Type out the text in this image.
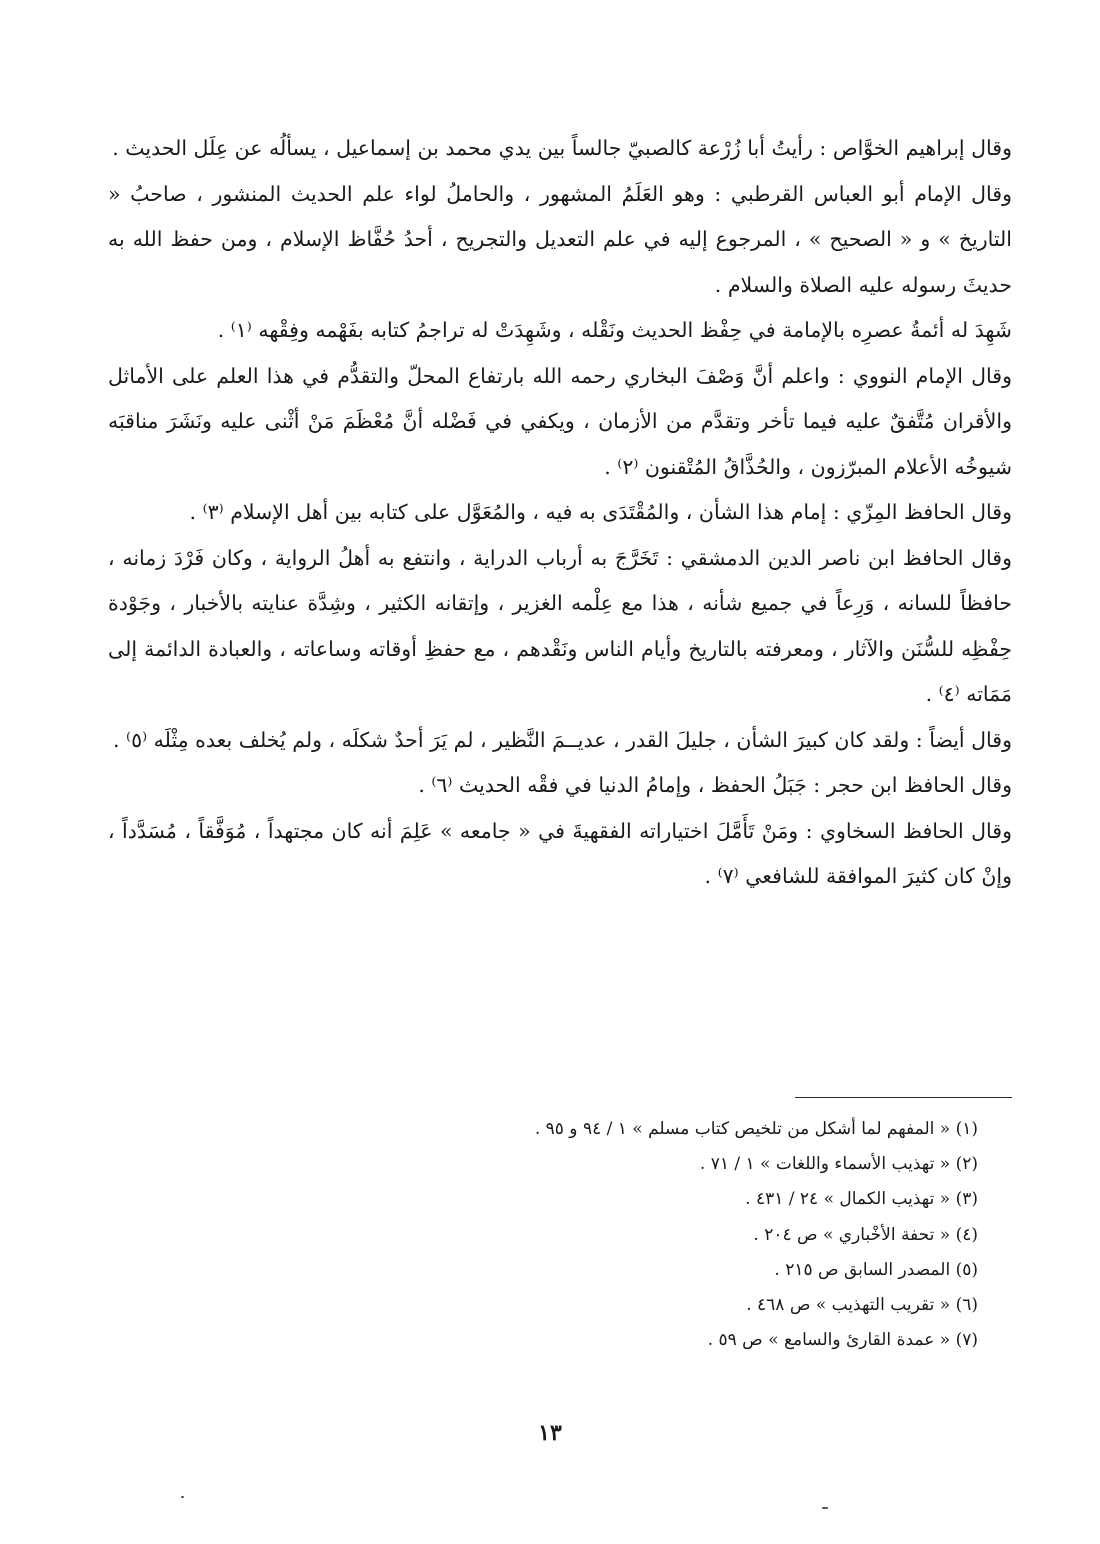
وقال إبراهيم الخوَّاص : رأيتُ أبا زُرْعة كالصبيّ جالساً بين يدي محمد بن إسماعيل ، يسألُه عن عِلَل الحديث .

وقال الإمام أبو العباس القرطبي : وهو العَلَمُ المشهور ، والحاملُ لواء علم الحديث المنشور ، صاحبُ « التاريخ » و « الصحيح » ، المرجوع إليه في علم التعديل والتجريح ، أحدُ حُفَّاظ الإسلام ، ومن حفظ الله به حديثَ رسوله عليه الصلاة والسلام .

شَهِدَ له أئمةُ عصرِه بالإمامة في حِفْظ الحديث ونَقْله ، وشَهِدَتْ له تراجمُ كتابه بفَهْمه وفِقْهه ⁽١⁾ .

وقال الإمام النووي : واعلم أنَّ وَصْفَ البخاري رحمه الله بارتفاع المحلّ والتقدُّم في هذا العلم على الأماثل والأقران مُتَّفقٌ عليه فيما تأخر وتقدَّم من الأزمان ، ويكفي في فَضْله أنَّ مُعْظَمَ مَنْ أثْنى عليه ونَشَرَ مناقبَه شيوخُه الأعلام المبرّزون ، والحُذَّاقُ المُتْقنون ⁽٢⁾ .

وقال الحافظ المِزّي : إمام هذا الشأن ، والمُقْتَدَى به فيه ، والمُعَوَّل على كتابه بين أهل الإسلام ⁽٣⁾ .

وقال الحافظ ابن ناصر الدين الدمشقي : تَخَرَّجَ به أرباب الدراية ، وانتفع به أهلُ الرواية ، وكان فَرْدَ زمانه ، حافظاً للسانه ، وَرِعاً في جميع شأنه ، هذا مع عِلْمه الغزير ، وإتقانه الكثير ، وشِدَّة عنايته بالأخبار ، وجَوْدة حِفْظِه للسُّنَن والآثار ، ومعرفته بالتاريخ وأيام الناس ونَقْدهم ، مع حفظِ أوقاته وساعاته ، والعبادة الدائمة إلى مَمَاته ⁽٤⁾ .

وقال أيضاً : ولقد كان كبيرَ الشأن ، جليلَ القدر ، عديــمَ النَّظير ، لم يَرَ أحدٌ شكلَه ، ولم يُخلف بعده مِثْلَه ⁽٥⁾ .

وقال الحافظ ابن حجر : جَبَلُ الحفظ ، وإمامُ الدنيا في فقْه الحديث ⁽٦⁾ .

وقال الحافظ السخاوي : ومَنْ تَأَمَّلَ اختياراته الفقهيةَ في « جامعه » عَلِمَ أنه كان مجتهداً ، مُوَفَّقاً ، مُسَدَّداً ، وإنْ كان كثيرَ الموافقة للشافعي ⁽٧⁾ .

(١) « المفهم لما أشكل من تلخيص كتاب مسلم » ١ / ٩٤ و ٩٥ .
(٢) « تهذيب الأسماء واللغات » ١ / ٧١ .
(٣) « تهذيب الكمال » ٢٤ / ٤٣١ .
(٤) « تحفة الأخْباري » ص ٢٠٤ .
(٥) المصدر السابق ص ٢١٥ .
(٦) « تقريب التهذيب » ص ٤٦٨ .
(٧) « عمدة القارئ والسامع » ص ٥٩ .
١٣
